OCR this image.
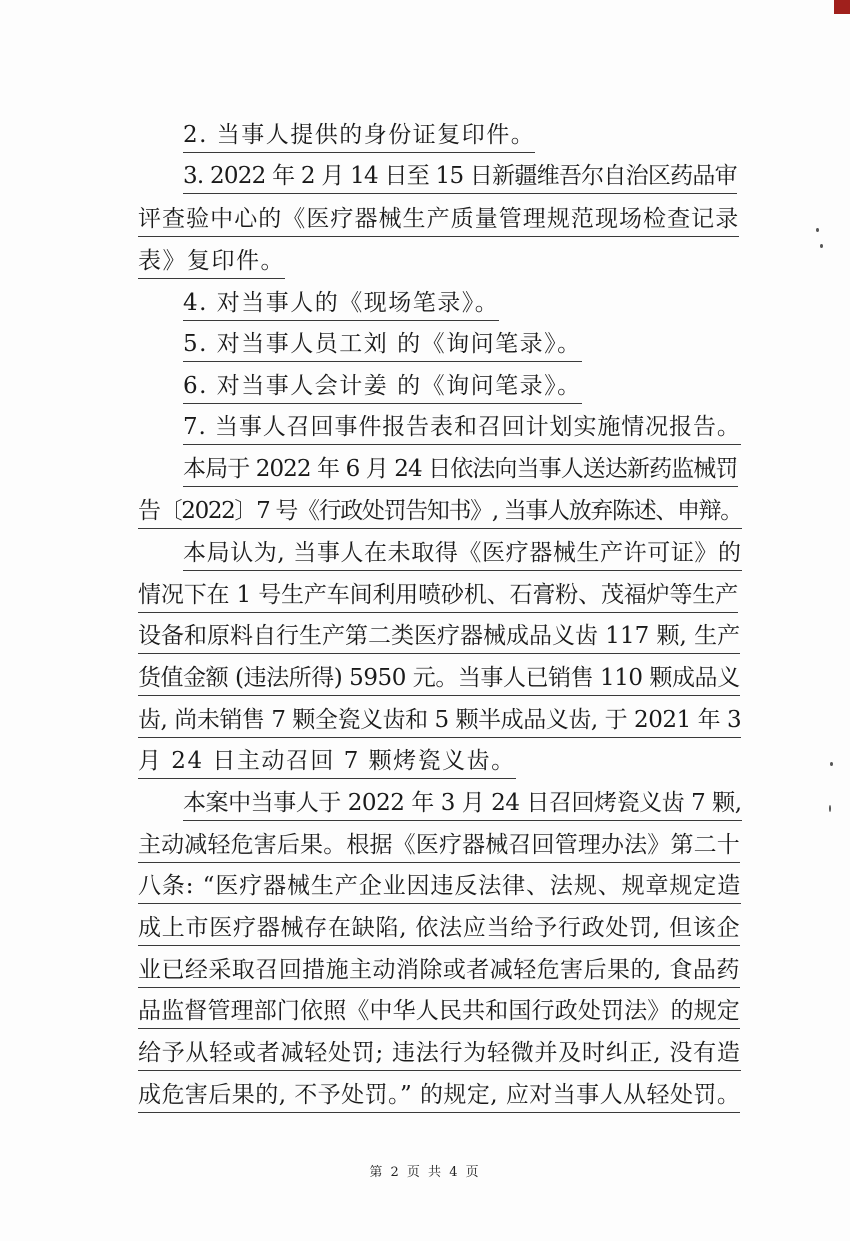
2. 当事人提供的身份证复印件。
3. 2022 年 2 月 14 日至 15 日新疆维吾尔自治区药品审
评查验中心的《医疗器械生产质量管理规范现场检查记录
表》复印件。
4. 对当事人的《现场笔录》。
5. 对当事人员工刘 的《询问笔录》。
6. 对当事人会计姜 的《询问笔录》。
7. 当事人召回事件报告表和召回计划实施情况报告。
本局于 2022 年 6 月 24 日依法向当事人送达新药监械罚
告〔2022〕7 号《行政处罚告知书》, 当事人放弃陈述、申辩。
本局认为, 当事人在未取得《医疗器械生产许可证》的
情况下在 1 号生产车间利用喷砂机、石膏粉、茂福炉等生产
设备和原料自行生产第二类医疗器械成品义齿 117 颗, 生产
货值金额 (违法所得) 5950 元。当事人已销售 110 颗成品义
齿, 尚未销售 7 颗全瓷义齿和 5 颗半成品义齿, 于 2021 年 3
月 24 日主动召回 7 颗烤瓷义齿。
本案中当事人于 2022 年 3 月 24 日召回烤瓷义齿 7 颗,
主动减轻危害后果。根据《医疗器械召回管理办法》第二十
八条: “医疗器械生产企业因违反法律、法规、规章规定造
成上市医疗器械存在缺陷, 依法应当给予行政处罚, 但该企
业已经采取召回措施主动消除或者减轻危害后果的, 食品药
品监督管理部门依照《中华人民共和国行政处罚法》的规定
给予从轻或者减轻处罚; 违法行为轻微并及时纠正, 没有造
成危害后果的, 不予处罚。” 的规定, 应对当事人从轻处罚。
第 2 页 共 4 页
